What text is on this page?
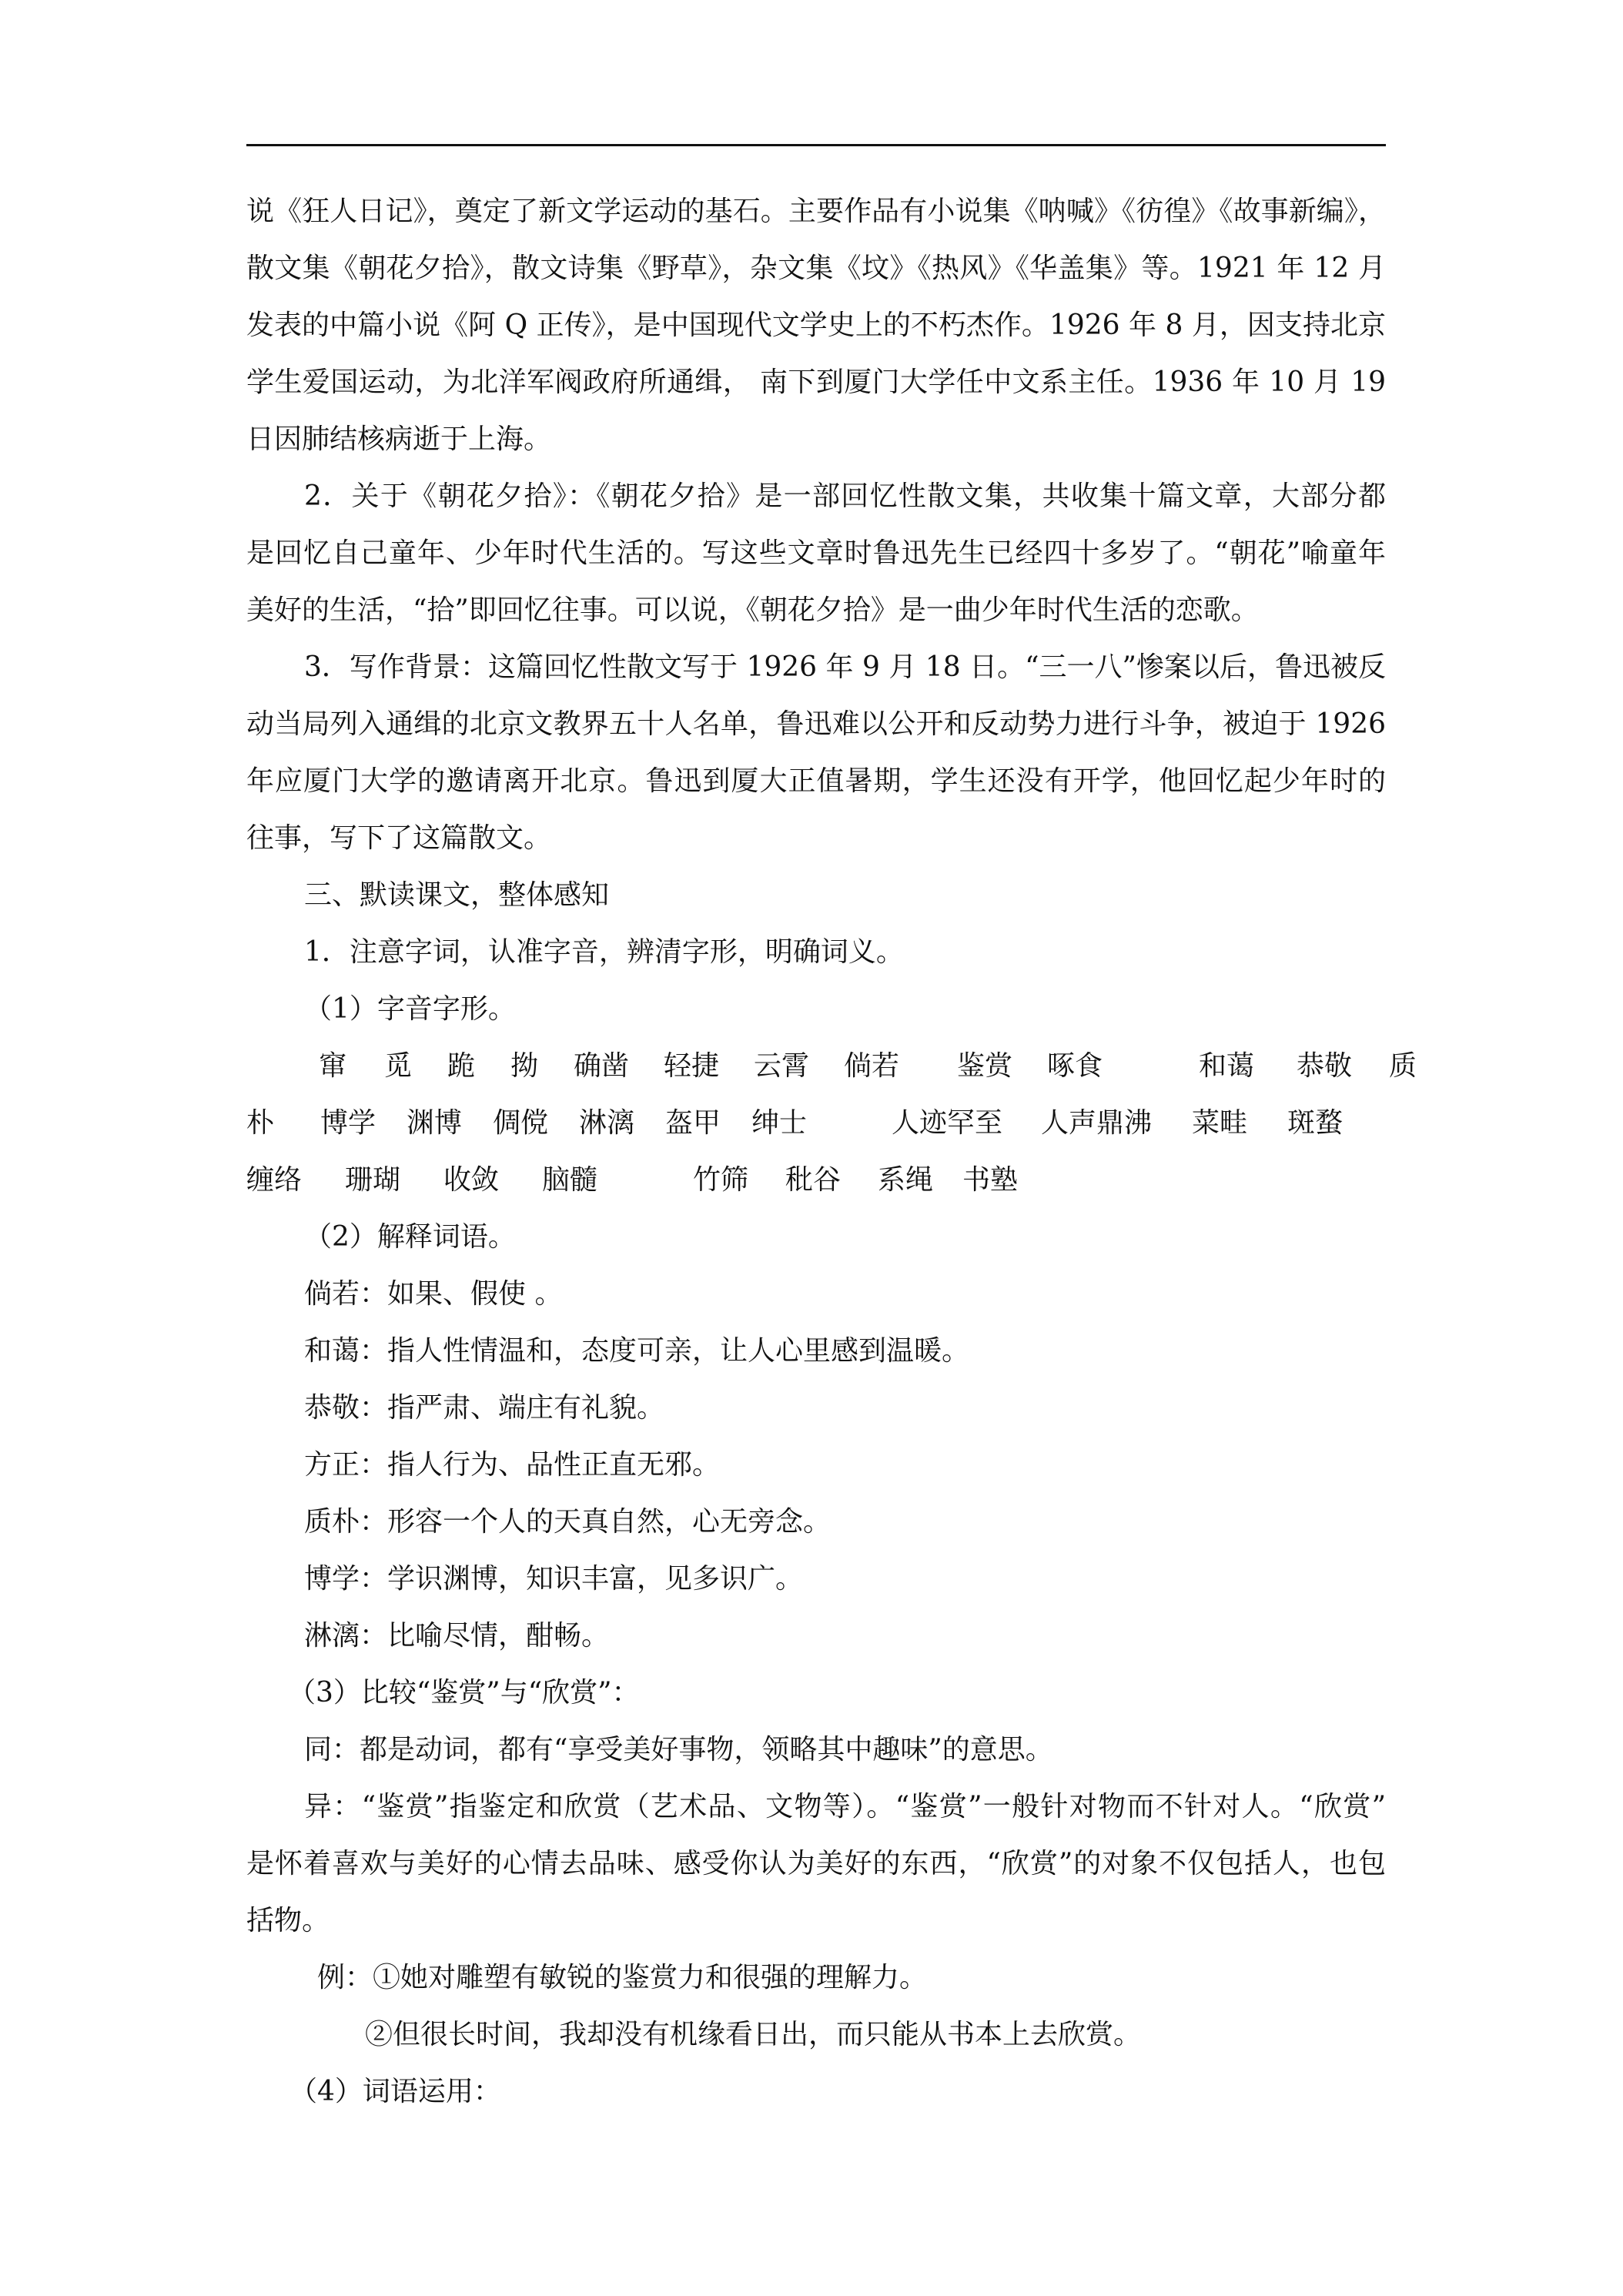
说《狂人日记》，奠定了新文学运动的基石。主要作品有小说集《呐喊》《彷徨》《故事新编》，
散文集《朝花夕拾》，散文诗集《野草》，杂文集《坟》《热风》《华盖集》等。1921 年 12 月
发表的中篇小说《阿 Q 正传》，是中国现代文学史上的不朽杰作。1926 年 8 月，因支持北京
学生爱国运动，为北洋军阀政府所通缉， 南下到厦门大学任中文系主任。1936 年 10 月 19
日因肺结核病逝于上海。
2．关于《朝花夕拾》：《朝花夕拾》是一部回忆性散文集，共收集十篇文章，大部分都
是回忆自己童年、少年时代生活的。写这些文章时鲁迅先生已经四十多岁了。“朝花”喻童年
美好的生活，“拾”即回忆往事。可以说，《朝花夕拾》是一曲少年时代生活的恋歌。
3．写作背景：这篇回忆性散文写于 1926 年 9 月 18 日。“三一八”惨案以后，鲁迅被反
动当局列入通缉的北京文教界五十人名单，鲁迅难以公开和反动势力进行斗争，被迫于 1926
年应厦门大学的邀请离开北京。鲁迅到厦大正值暑期，学生还没有开学，他回忆起少年时的
往事，写下了这篇散文。
三、默读课文，整体感知
1．注意字词，认准字音，辨清字形，明确词义。
（1）字音字形。
窜 觅 跪 拗 确凿 轻捷 云霄 倘若 鉴赏 啄食	和蔼 恭敬 质
朴 博学 渊博 倜傥 淋漓 盔甲 绅士	人迹罕至 人声鼎沸 菜畦 斑蝥
缠络 珊瑚 收敛 脑髓	竹筛 秕谷 系绳 书塾
（2）解释词语。
倘若：如果、假使 。
和蔼：指人性情温和，态度可亲，让人心里感到温暖。
恭敬：指严肃、端庄有礼貌。
方正：指人行为、品性正直无邪。
质朴：形容一个人的天真自然，心无旁念。
博学：学识渊博，知识丰富，见多识广。
淋漓：比喻尽情，酣畅。
（3）比较“鉴赏”与“欣赏”：
同：都是动词，都有“享受美好事物，领略其中趣味”的意思。
异：“鉴赏”指鉴定和欣赏（艺术品、文物等）。“鉴赏”一般针对物而不针对人。“欣赏”
是怀着喜欢与美好的心情去品味、感受你认为美好的东西，“欣赏”的对象不仅包括人，也包
括物。
例：①她对雕塑有敏锐的鉴赏力和很强的理解力。
②但很长时间，我却没有机缘看日出，而只能从书本上去欣赏。
（4）词语运用：
